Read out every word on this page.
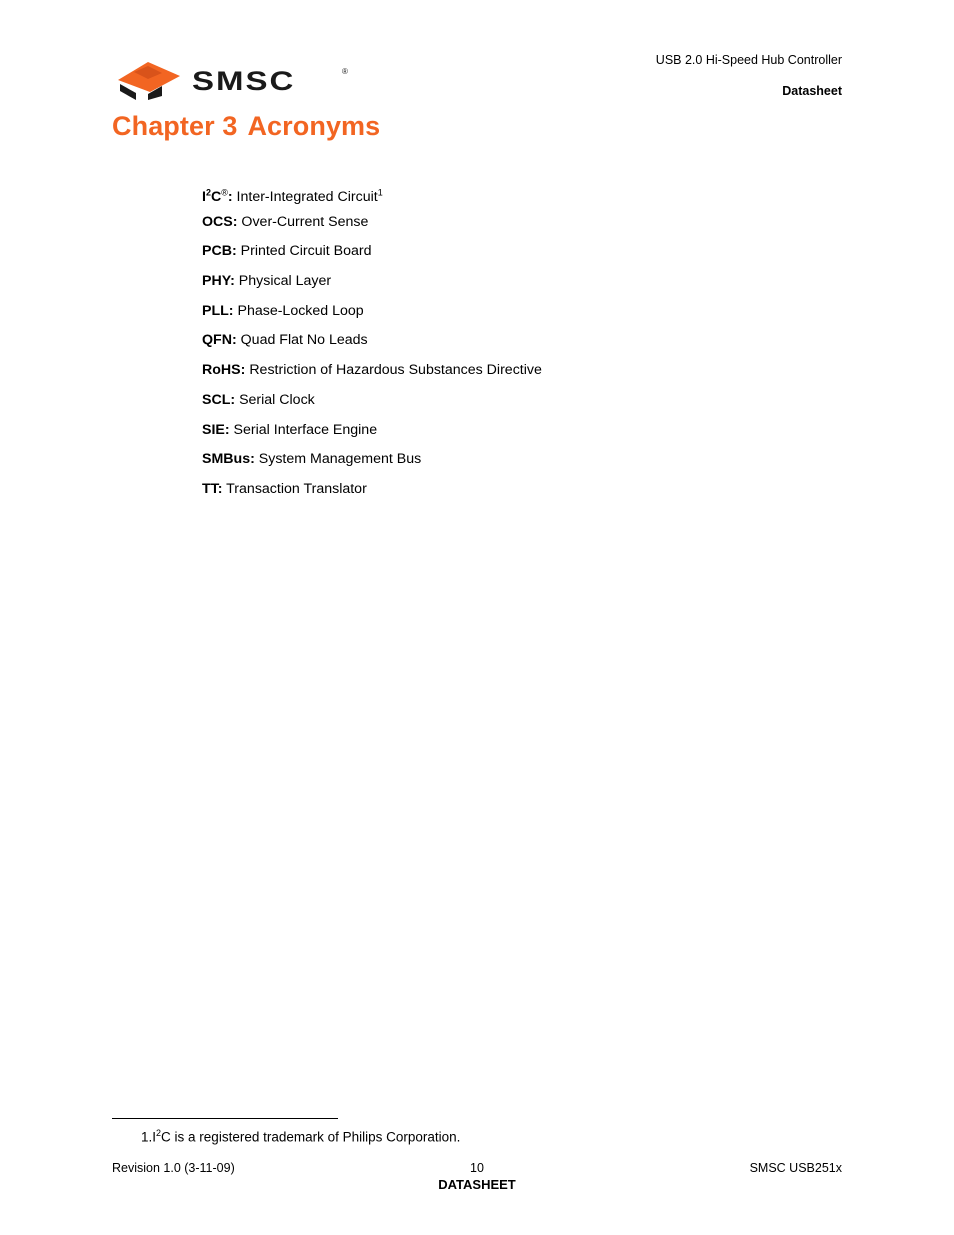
SMSC	®
USB 2.0 Hi-Speed Hub Controller
Datasheet
Chapter 3 Acronyms
$I^2C®$: Inter-Integrated Circuit$^1$
OCS: Over-Current Sense
PCB: Printed Circuit Board
PHY: Physical Layer
PLL: Phase-Locked Loop
QFN: Quad Flat No Leads
RoHS: Restriction of Hazardous Substances Directive
SCL: Serial Clock
SIE: Serial Interface Engine
SMBus: System Management Bus
TT: Transaction Translator
$1.I^2C$ is a registered trademark of Philips Corporation.
Revision 1.0 (3-11-09)	10	SMSC USB251x
DATASHEET
